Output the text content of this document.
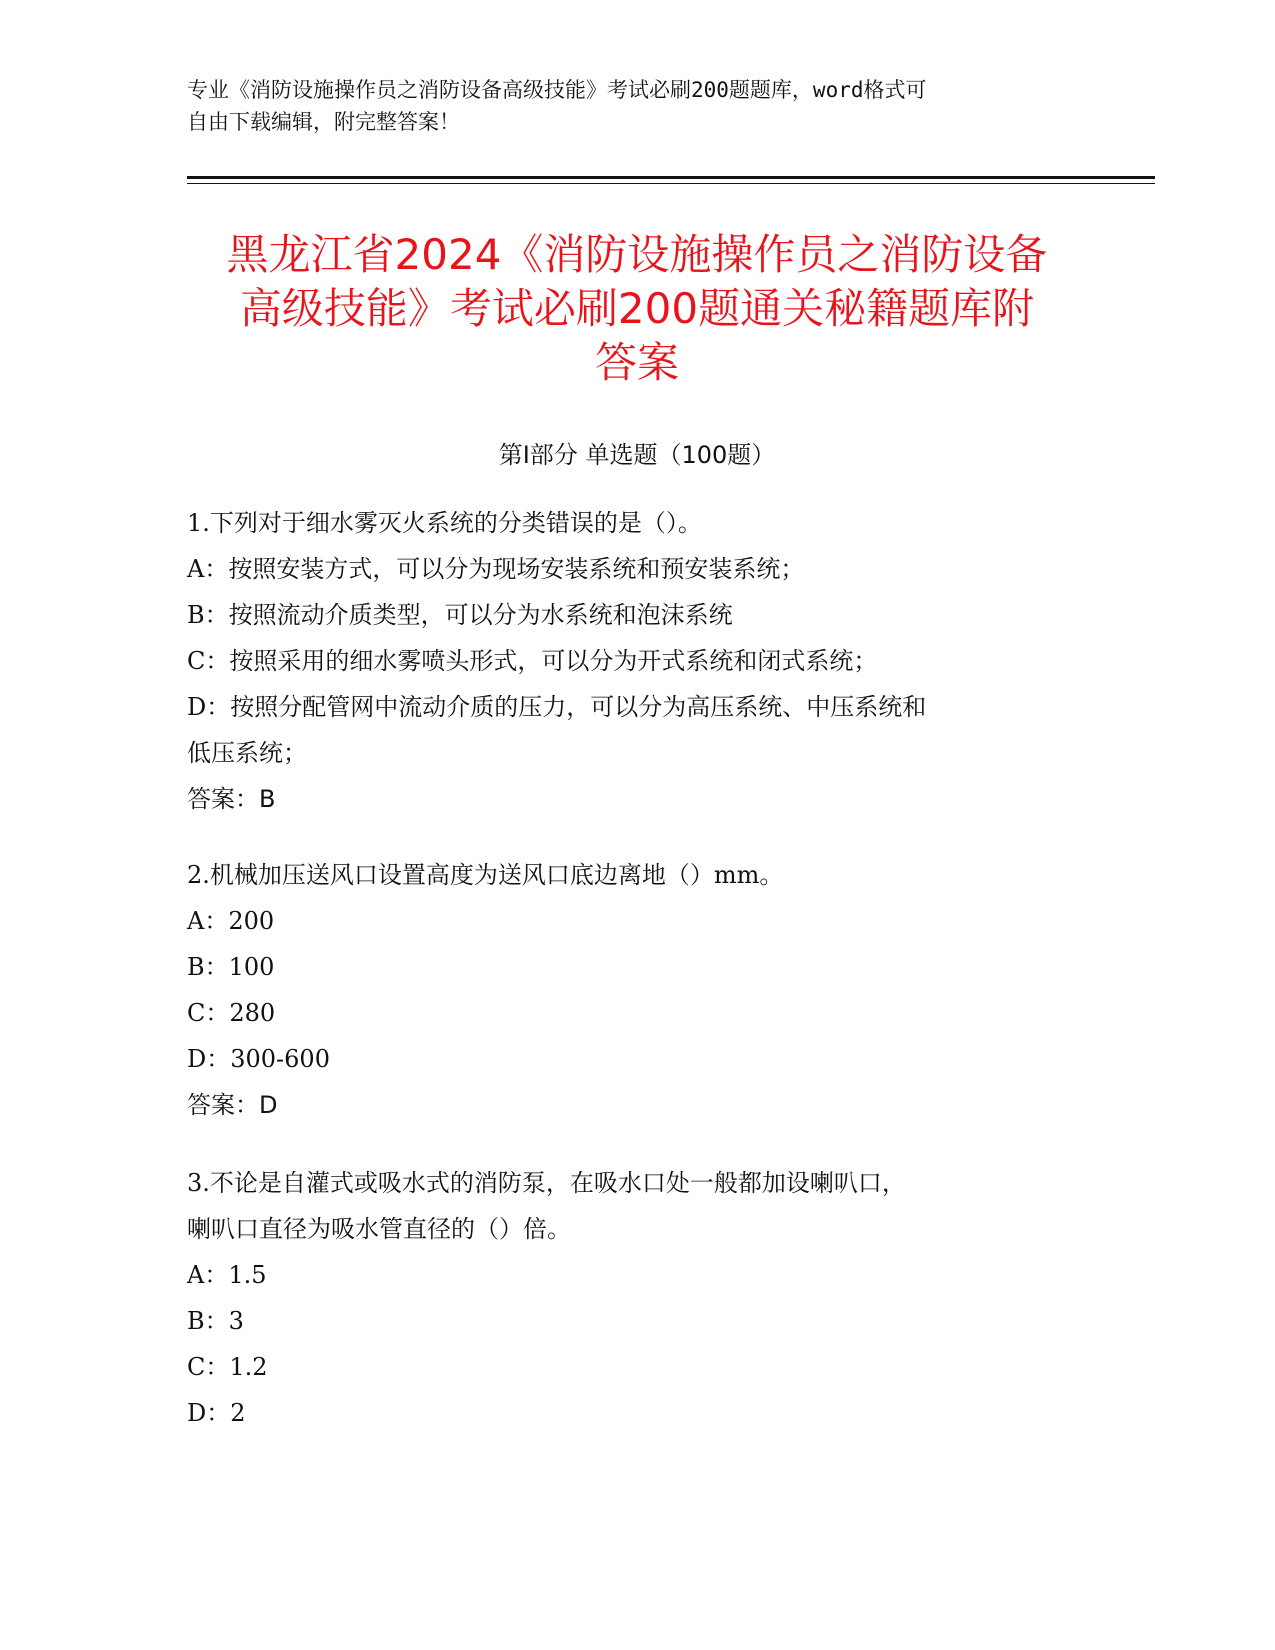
专业《消防设施操作员之消防设备高级技能》考试必刷200题题库，word格式可
自由下载编辑，附完整答案！
黑龙江省2024《消防设施操作员之消防设备
高级技能》考试必刷200题通关秘籍题库附
答案
第Ⅰ部分 单选题（100题）
1.下列对于细水雾灭火系统的分类错误的是（）。
A：按照安装方式，可以分为现场安装系统和预安装系统；
B：按照流动介质类型，可以分为水系统和泡沫系统
C：按照采用的细水雾喷头形式，可以分为开式系统和闭式系统；
D：按照分配管网中流动介质的压力，可以分为高压系统、中压系统和
低压系统；
答案：B
2.机械加压送风口设置高度为送风口底边离地（）mm。
A：200
B：100
C：280
D：300-600
答案：D
3.不论是自灌式或吸水式的消防泵，在吸水口处一般都加设喇叭口，
喇叭口直径为吸水管直径的（）倍。
A：1.5
B：3
C：1.2
D：2
